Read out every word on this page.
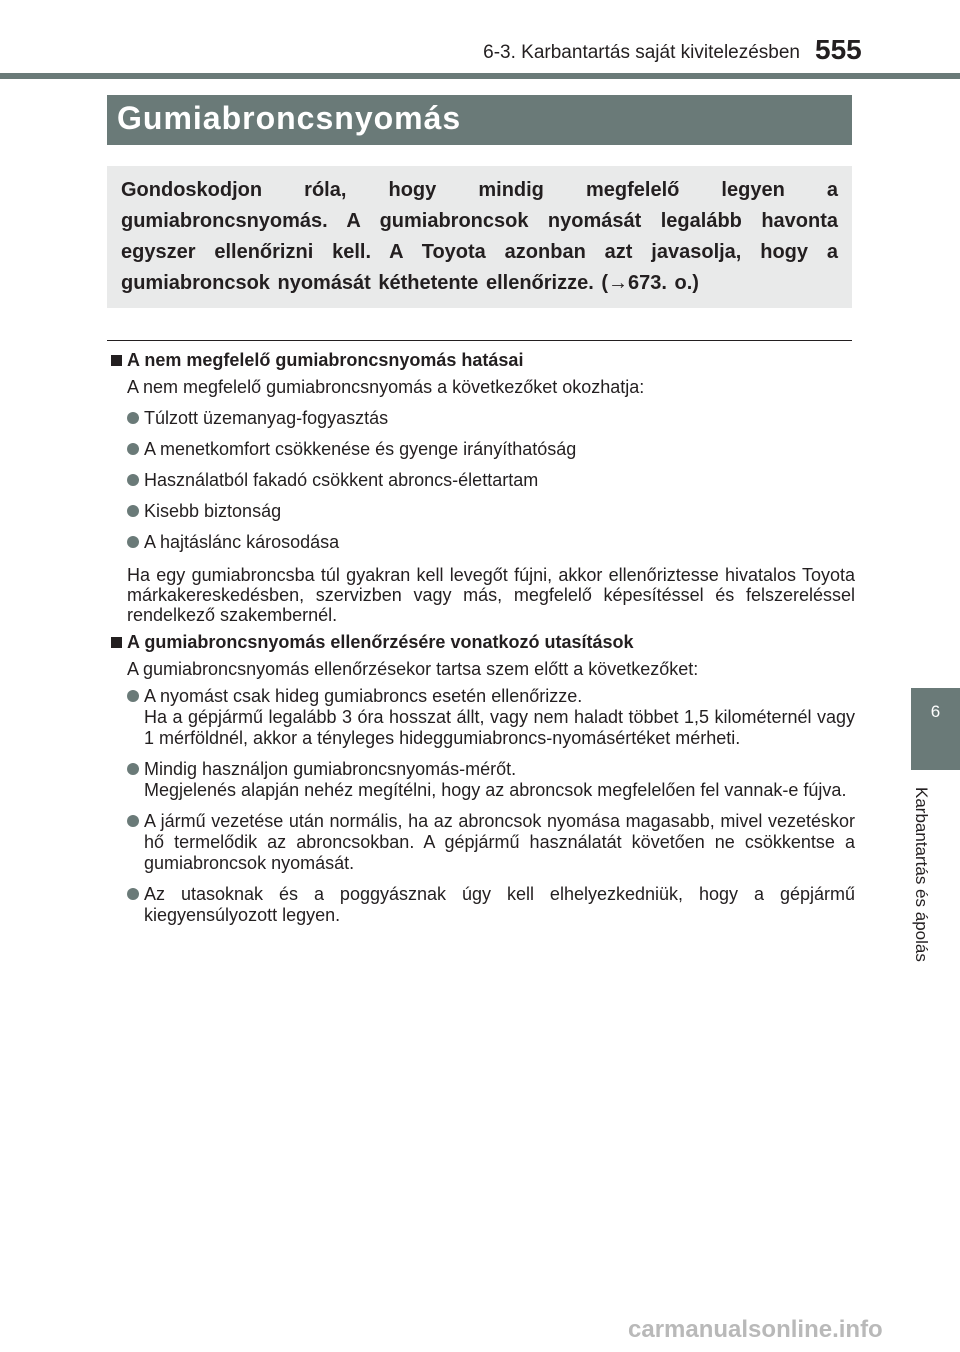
6-3. Karbantartás saját kivitelezésben 555
Gumiabroncsnyomás
Gondoskodjon róla, hogy mindig megfelelő legyen a gumiabroncsnyomás. A gumiabroncsok nyomását legalább havonta egyszer ellenőrizni kell. A Toyota azonban azt javasolja, hogy a gumiabroncsok nyomását kéthetente ellenőrizze. (→673. o.)
6
Karbantartás és ápolás
A nem megfelelő gumiabroncsnyomás hatásai
A nem megfelelő gumiabroncsnyomás a következőket okozhatja:
Túlzott üzemanyag-fogyasztás
A menetkomfort csökkenése és gyenge irányíthatóság
Használatból fakadó csökkent abroncs-élettartam
Kisebb biztonság
A hajtáslánc károsodása
Ha egy gumiabroncsba túl gyakran kell levegőt fújni, akkor ellenőriztesse hivatalos Toyota márkakereskedésben, szervizben vagy más, megfelelő képesítéssel és felszereléssel rendelkező szakembernél.
A gumiabroncsnyomás ellenőrzésére vonatkozó utasítások
A gumiabroncsnyomás ellenőrzésekor tartsa szem előtt a következőket:
A nyomást csak hideg gumiabroncs esetén ellenőrizze.
Ha a gépjármű legalább 3 óra hosszat állt, vagy nem haladt többet 1,5 kilométernél vagy 1 mérföldnél, akkor a tényleges hideggumiabroncs-nyomásértéket mérheti.
Mindig használjon gumiabroncsnyomás-mérőt.
Megjelenés alapján nehéz megítélni, hogy az abroncsok megfelelően fel vannak-e fújva.
A jármű vezetése után normális, ha az abroncsok nyomása magasabb, mivel vezetéskor hő termelődik az abroncsokban. A gépjármű használatát követően ne csökkentse a gumiabroncsok nyomását.
Az utasoknak és a poggyásznak úgy kell elhelyezkedniük, hogy a gépjármű kiegyensúlyozott legyen.
carmanualsonline.info
